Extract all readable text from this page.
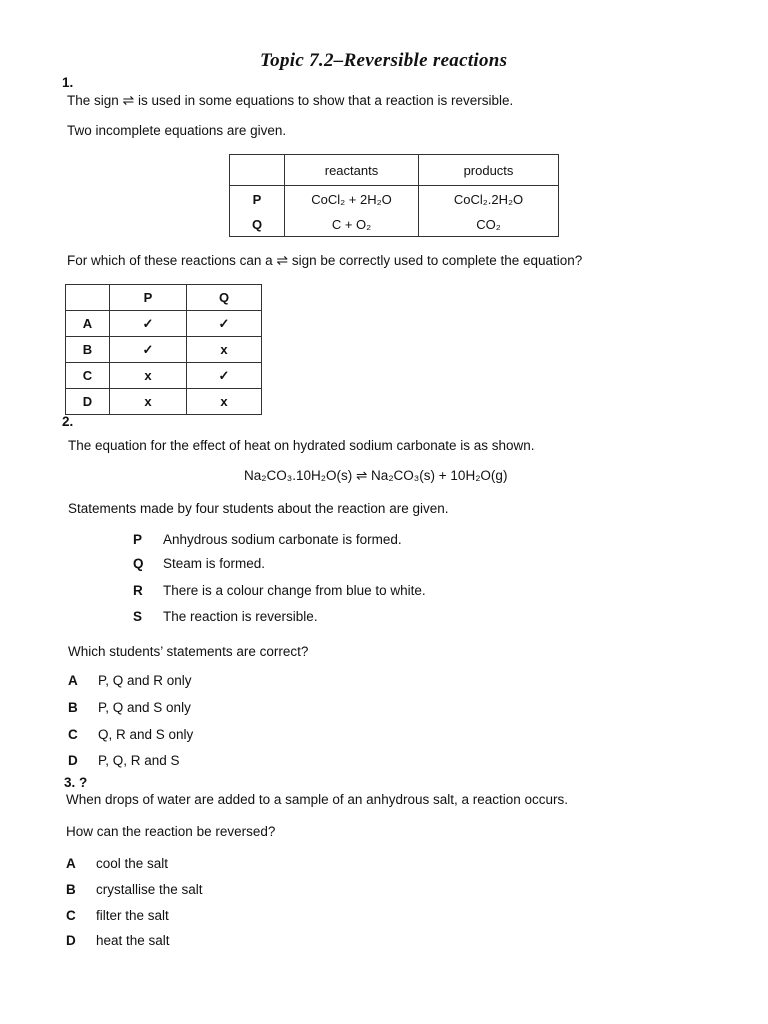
Topic 7.2–Reversible reactions
1.
The sign ⇌ is used in some equations to show that a reaction is reversible.
Two incomplete equations are given.
	reactants	products
P	CoCl₂ + 2H₂O	CoCl₂.2H₂O
Q	C + O₂	CO₂
For which of these reactions can a ⇌ sign be correctly used to complete the equation?
	P	Q
A	✓	✓
B	✓	x
C	x	✓
D	x	x
2.
The equation for the effect of heat on hydrated sodium carbonate is as shown.
Na₂CO₃.10H₂O(s) ⇌ Na₂CO₃(s) + 10H₂O(g)
Statements made by four students about the reaction are given.
P Anhydrous sodium carbonate is formed.
Q Steam is formed.
R There is a colour change from blue to white.
S The reaction is reversible.
Which students’ statements are correct?
A P, Q and R only
B P, Q and S only
C Q, R and S only
D P, Q, R and S
3. ?
When drops of water are added to a sample of an anhydrous salt, a reaction occurs.
How can the reaction be reversed?
A cool the salt
B crystallise the salt
C filter the salt
D heat the salt
